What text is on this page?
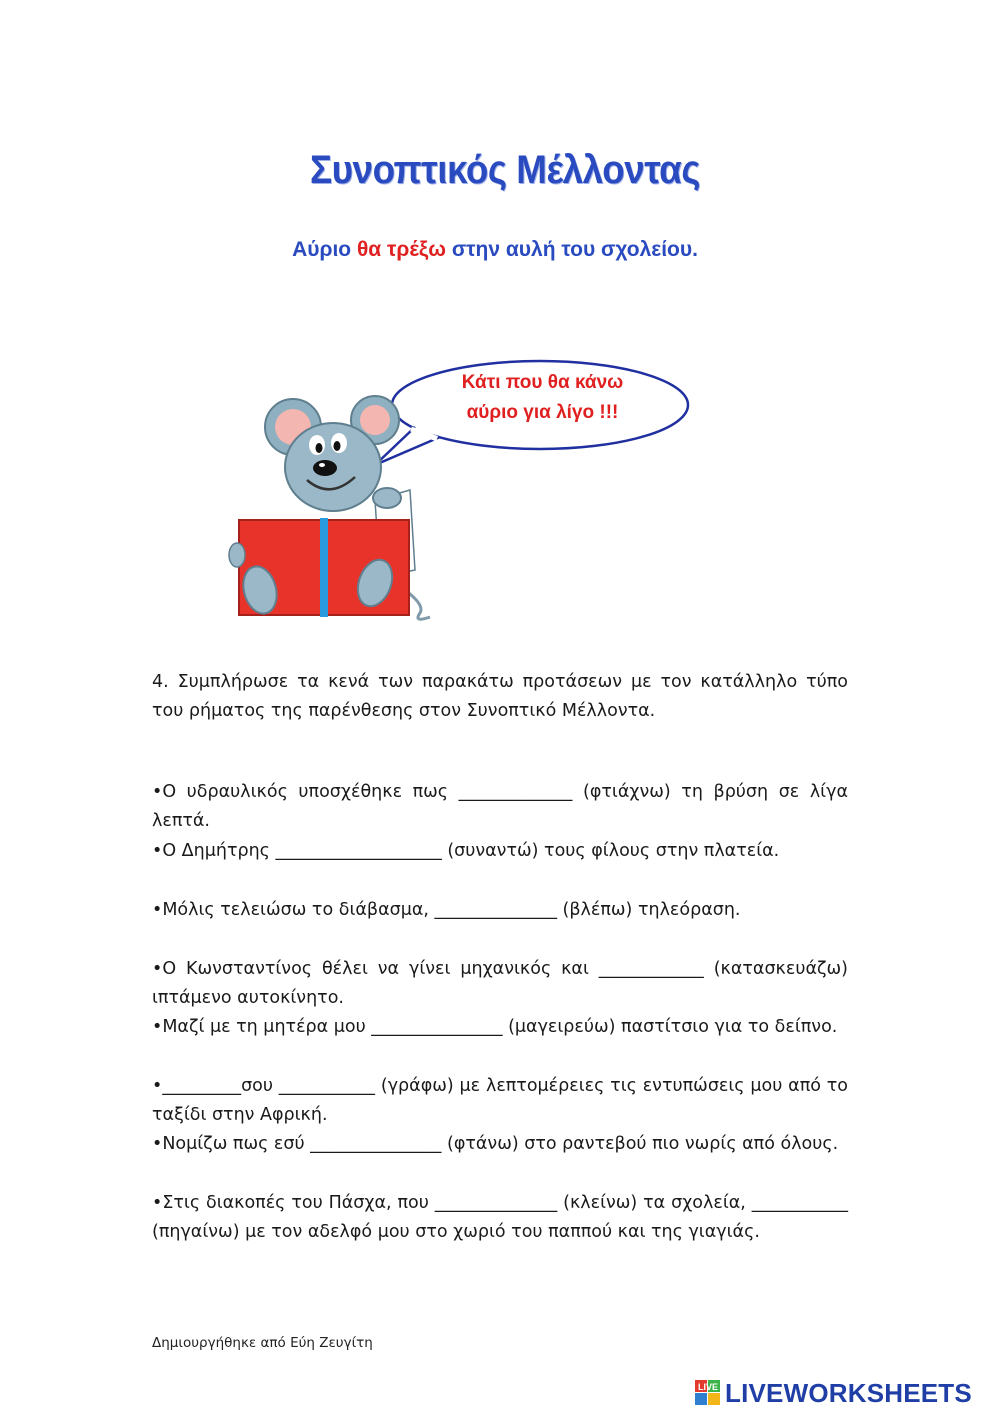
Συνοπτικός Μέλλοντας
Αύριο θα τρέξω στην αυλή του σχολείου.
Κάτι που θα κάνω
αύριο για λίγο !!!
4. Συμπλήρωσε τα κενά των παρακάτω προτάσεων με τον κατάλληλο τύπο του ρήματος της παρένθεσης στον Συνοπτικό Μέλλοντα.
•Ο υδραυλικός υποσχέθηκε πως _____________ (φτιάχνω) τη βρύση σε λίγα λεπτά.
•Ο Δημήτρης ___________________ (συναντώ) τους φίλους στην πλατεία.
•Μόλις τελειώσω το διάβασμα, ______________ (βλέπω) τηλεόραση.
•Ο Κωνσταντίνος θέλει να γίνει μηχανικός και ____________ (κατασκευάζω) ιπτάμενο αυτοκίνητο.
•Μαζί με τη μητέρα μου _______________ (μαγειρεύω) παστίτσιο για το δείπνο.
•_________σου ___________ (γράφω) με λεπτομέρειες τις εντυπώσεις μου από το ταξίδι στην Αφρική.
•Νομίζω πως εσύ _______________ (φτάνω) στο ραντεβού πιο νωρίς από όλους.
•Στις διακοπές του Πάσχα, που ______________ (κλείνω) τα σχολεία, ___________ (πηγαίνω) με τον αδελφό μου στο χωριό του παππού και της γιαγιάς.
Δημιουργήθηκε από Εύη Ζευγίτη
LIVE LIVEWORKSHEETS
